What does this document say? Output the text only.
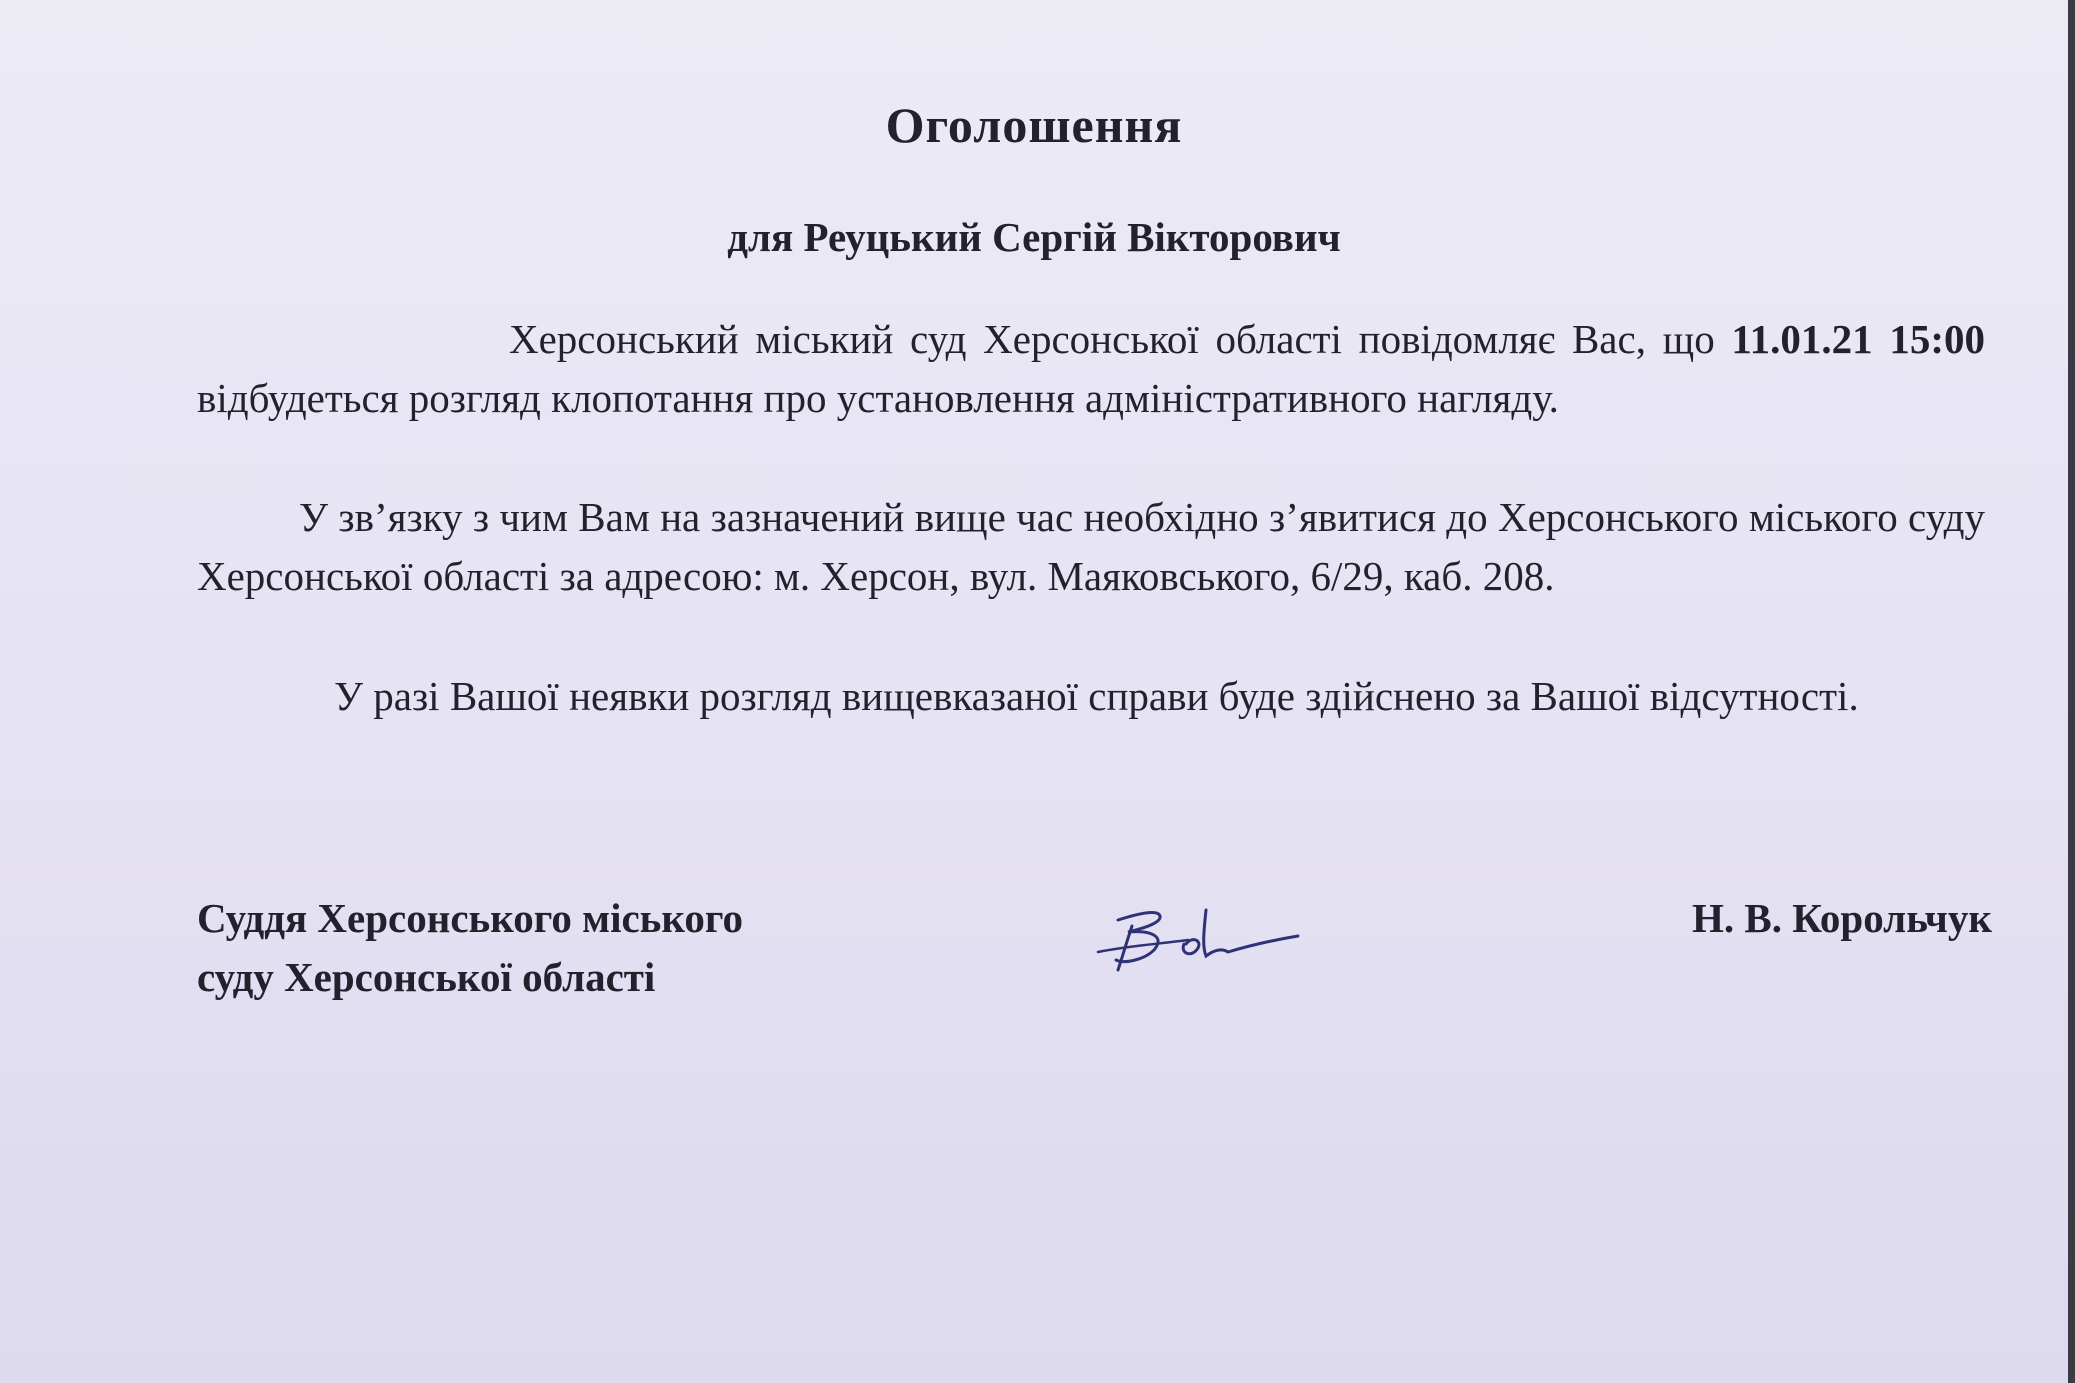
Оголошення
для Реуцький Сергій Вікторович
Херсонський міський суд Херсонської області повідомляє Вас, що 11.01.21 15:00 відбудеться розгляд клопотання про установлення адміністративного нагляду.
У зв’язку з чим Вам на зазначений вище час необхідно з’явитися до Херсонського міського суду Херсонської області за адресою: м. Херсон, вул. Маяковського, 6/29, каб. 208.
У разі Вашої неявки розгляд вищевказаної справи буде здійснено за Вашої відсутності.
Суддя Херсонського міського
суду Херсонської області
Н. В. Корольчук
